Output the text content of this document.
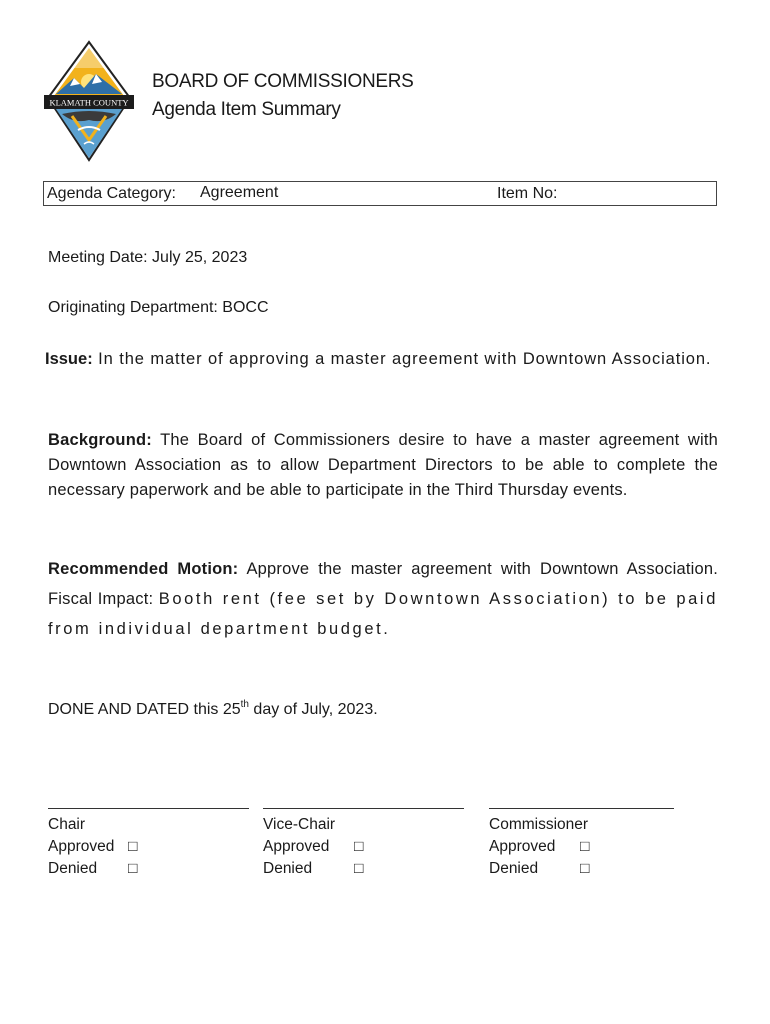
KLAMATH COUNTY
BOARD OF COMMISSIONERS
Agenda Item Summary
Agenda Category: Agreement	Item No:
Meeting Date: July 25, 2023
Originating Department: BOCC
Issue: In the matter of approving a master agreement with Downtown Association.
Background: The Board of Commissioners desire to have a master agreement with Downtown Association as to allow Department Directors to be able to complete the necessary paperwork and be able to participate in the Third Thursday events.
Recommended Motion: Approve the master agreement with Downtown Association. Fiscal Impact: Booth rent (fee set by Downtown Association) to be paid from individual department budget.
DONE AND DATED this 25th day of July, 2023.
Chair
Approved □
Denied □
Vice-Chair
Approved □
Denied	□
Commissioner
Approved □
Denied	□
